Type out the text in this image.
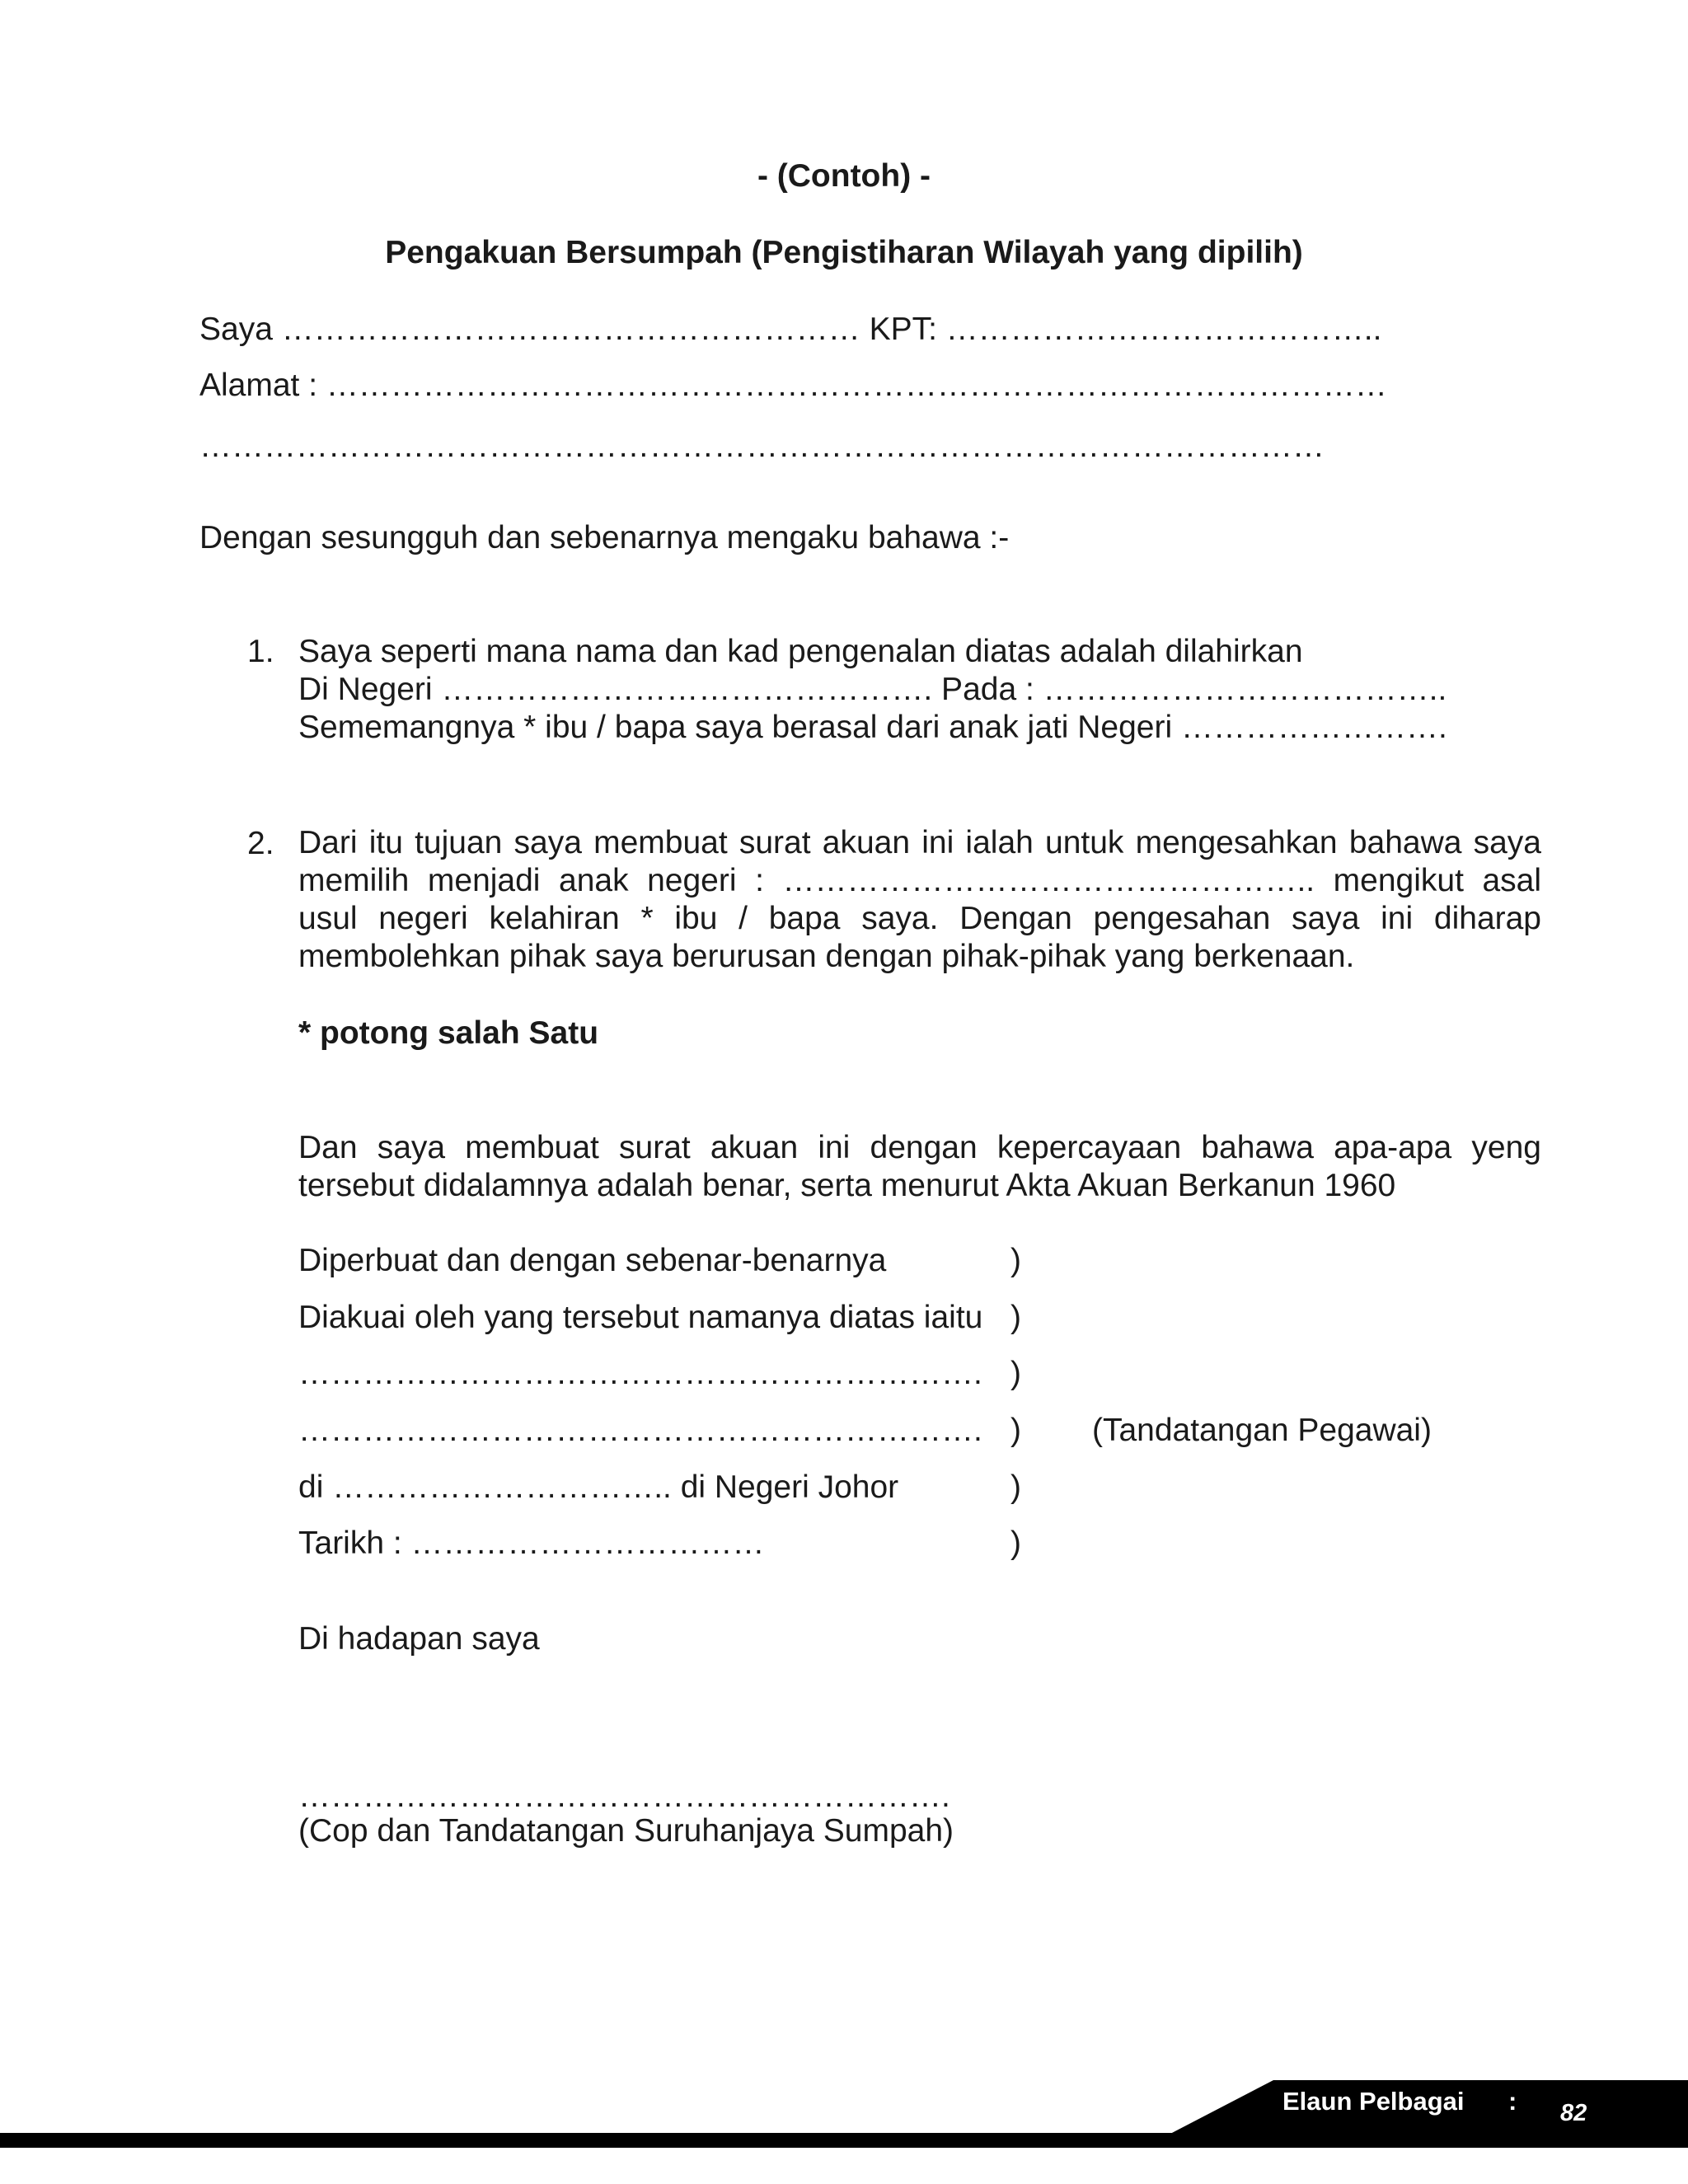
- (Contoh) -
Pengakuan Bersumpah (Pengistiharan Wilayah yang dipilih)
Saya ……………………………………………… KPT: …………………………………..
Alamat : ………………………………………………………………………………………
……………………………………………………………………………………………
Dengan sesungguh dan sebenarnya mengaku bahawa :-
1. Saya seperti mana nama dan kad pengenalan diatas adalah dilahirkan
Di Negeri ………………………………………. Pada : ………………………………..
Sememangnya * ibu / bapa saya berasal dari anak jati Negeri …………………….
2. Dari itu tujuan saya membuat surat akuan ini ialah untuk mengesahkan bahawa saya memilih menjadi anak negeri : ………………………………………….. mengikut asal usul negeri kelahiran * ibu / bapa saya. Dengan pengesahan saya ini diharap membolehkan pihak saya berurusan dengan pihak-pihak yang berkenaan.
* potong salah Satu
Dan saya membuat surat akuan ini dengan kepercayaan bahawa apa-apa yeng tersebut didalamnya adalah benar, serta menurut Akta Akuan Berkanun 1960
Diperbuat dan dengan sebenar-benarnya	)
Diakuai oleh yang tersebut namanya diatas iaitu )
………………………………………………………. )
………………………………………………………. ) (Tandatangan Pegawai)
di ………………………….. di Negeri Johor	)
Tarikh : ……………………………	)
Di hadapan saya
…………………………………………………….
(Cop dan Tandatangan Suruhanjaya Sumpah)
Elaun Pelbagai : 82
